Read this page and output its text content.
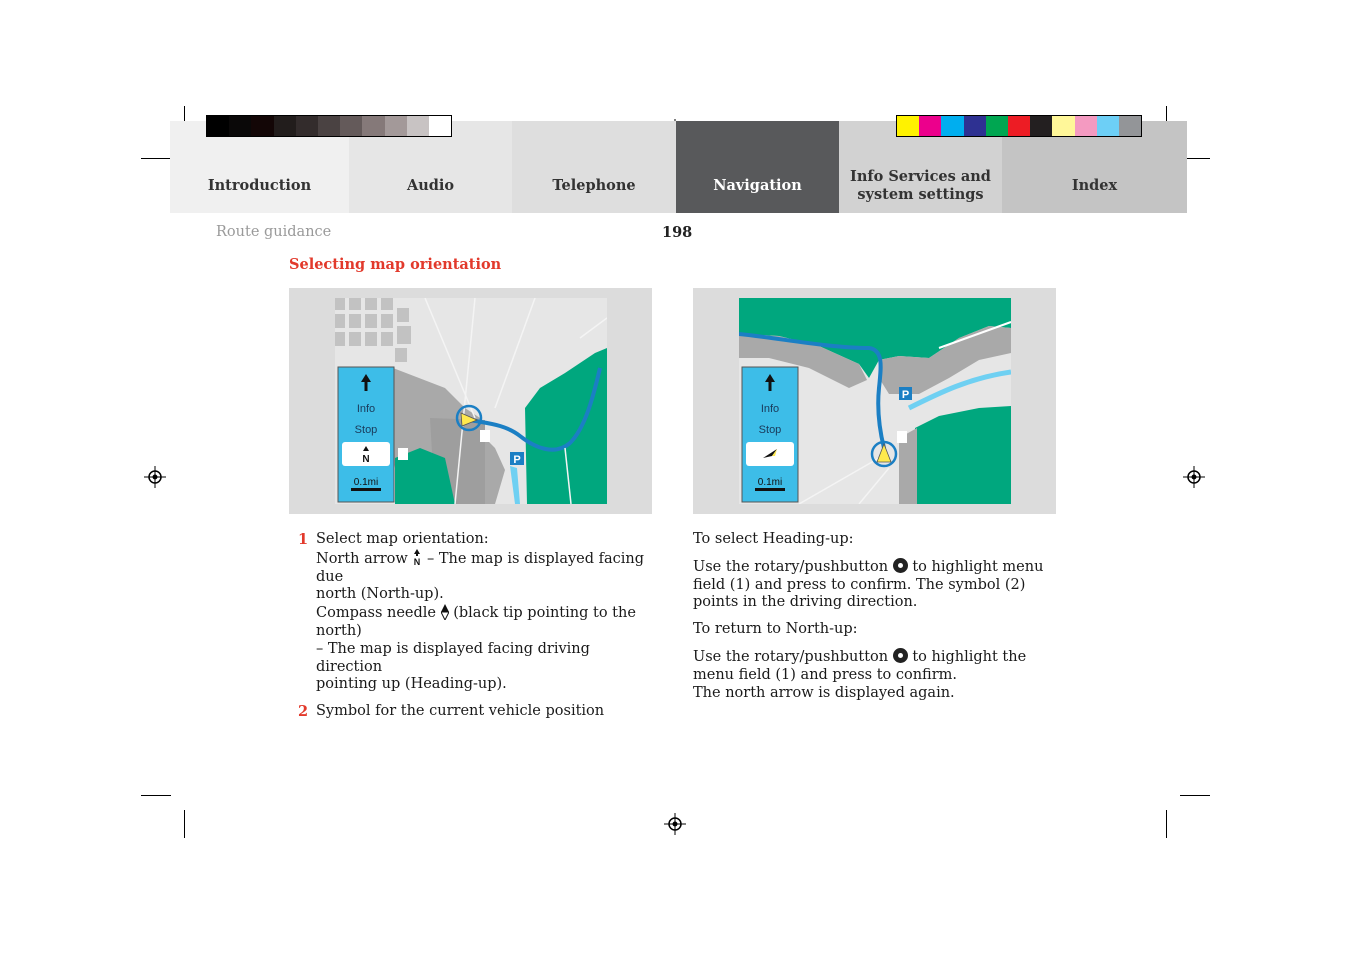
Introduction	Audio	Telephone	Navigation
Info Services and
system settings
Index
Route guidance	198
Selecting map orientation
P
Info
Stop
N
0.1mi
P
Info
Stop
0.1mi
1 Select map orientation:
North arrow N – The map is displayed facing due
north (North-up).
Compass needle (black tip pointing to the north)
– The map is displayed facing driving direction
pointing up (Heading-up).
2 Symbol for the current vehicle position
To select Heading-up:
Use the rotary/pushbutton to highlight menu field (1) and press to confirm. The symbol (2) points in the driving direction.
To return to North-up:
Use the rotary/pushbutton to highlight the menu field (1) and press to confirm.
The north arrow is displayed again.
